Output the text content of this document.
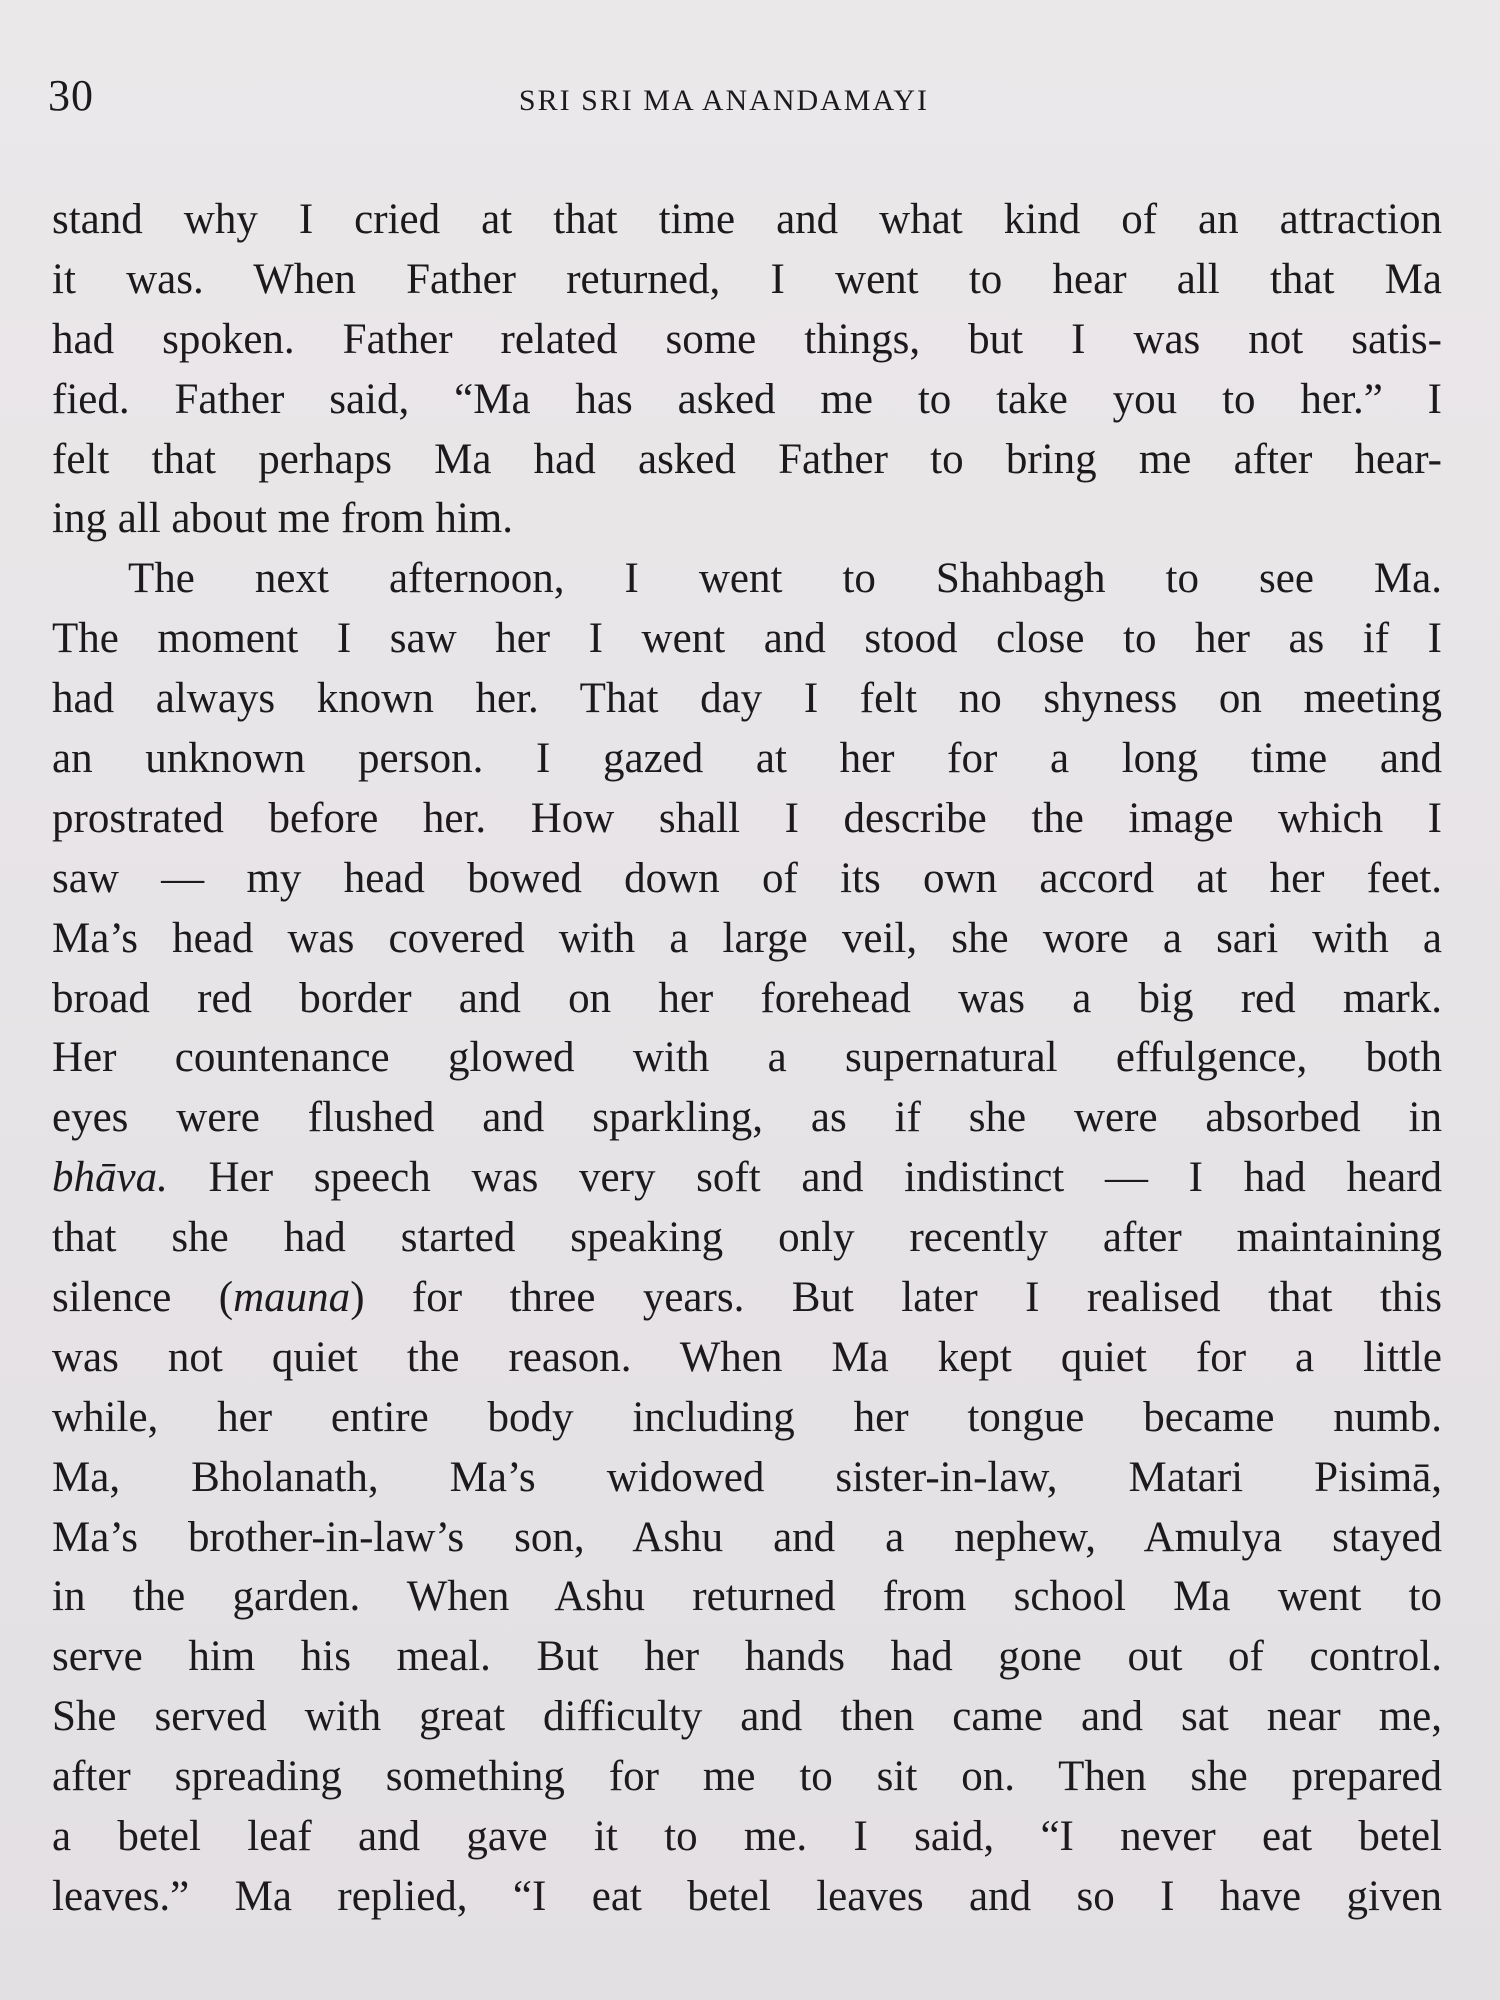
30	SRI SRI MA ANANDAMAYI
stand why I cried at that time and what kind of an attraction
it was. When Father returned, I went to hear all that Ma
had spoken. Father related some things, but I was not satis-
fied. Father said, “Ma has asked me to take you to her.” I
felt that perhaps Ma had asked Father to bring me after hear-
ing all about me from him.
The next afternoon, I went to Shahbagh to see Ma.
The moment I saw her I went and stood close to her as if I
had always known her. That day I felt no shyness on meeting
an unknown person. I gazed at her for a long time and
prostrated before her. How shall I describe the image which I
saw — my head bowed down of its own accord at her feet.
Ma’s head was covered with a large veil, she wore a sari with a
broad red border and on her forehead was a big red mark.
Her countenance glowed with a supernatural effulgence, both
eyes were flushed and sparkling, as if she were absorbed in
bhāva. Her speech was very soft and indistinct — I had heard
that she had started speaking only recently after maintaining
silence (mauna) for three years. But later I realised that this
was not quiet the reason. When Ma kept quiet for a little
while, her entire body including her tongue became numb.
Ma, Bholanath, Ma’s widowed sister-in-law, Matari Pisimā,
Ma’s brother-in-law’s son, Ashu and a nephew, Amulya stayed
in the garden. When Ashu returned from school Ma went to
serve him his meal. But her hands had gone out of control.
She served with great difficulty and then came and sat near me,
after spreading something for me to sit on. Then she prepared
a betel leaf and gave it to me. I said, “I never eat betel
leaves.” Ma replied, “I eat betel leaves and so I have given
